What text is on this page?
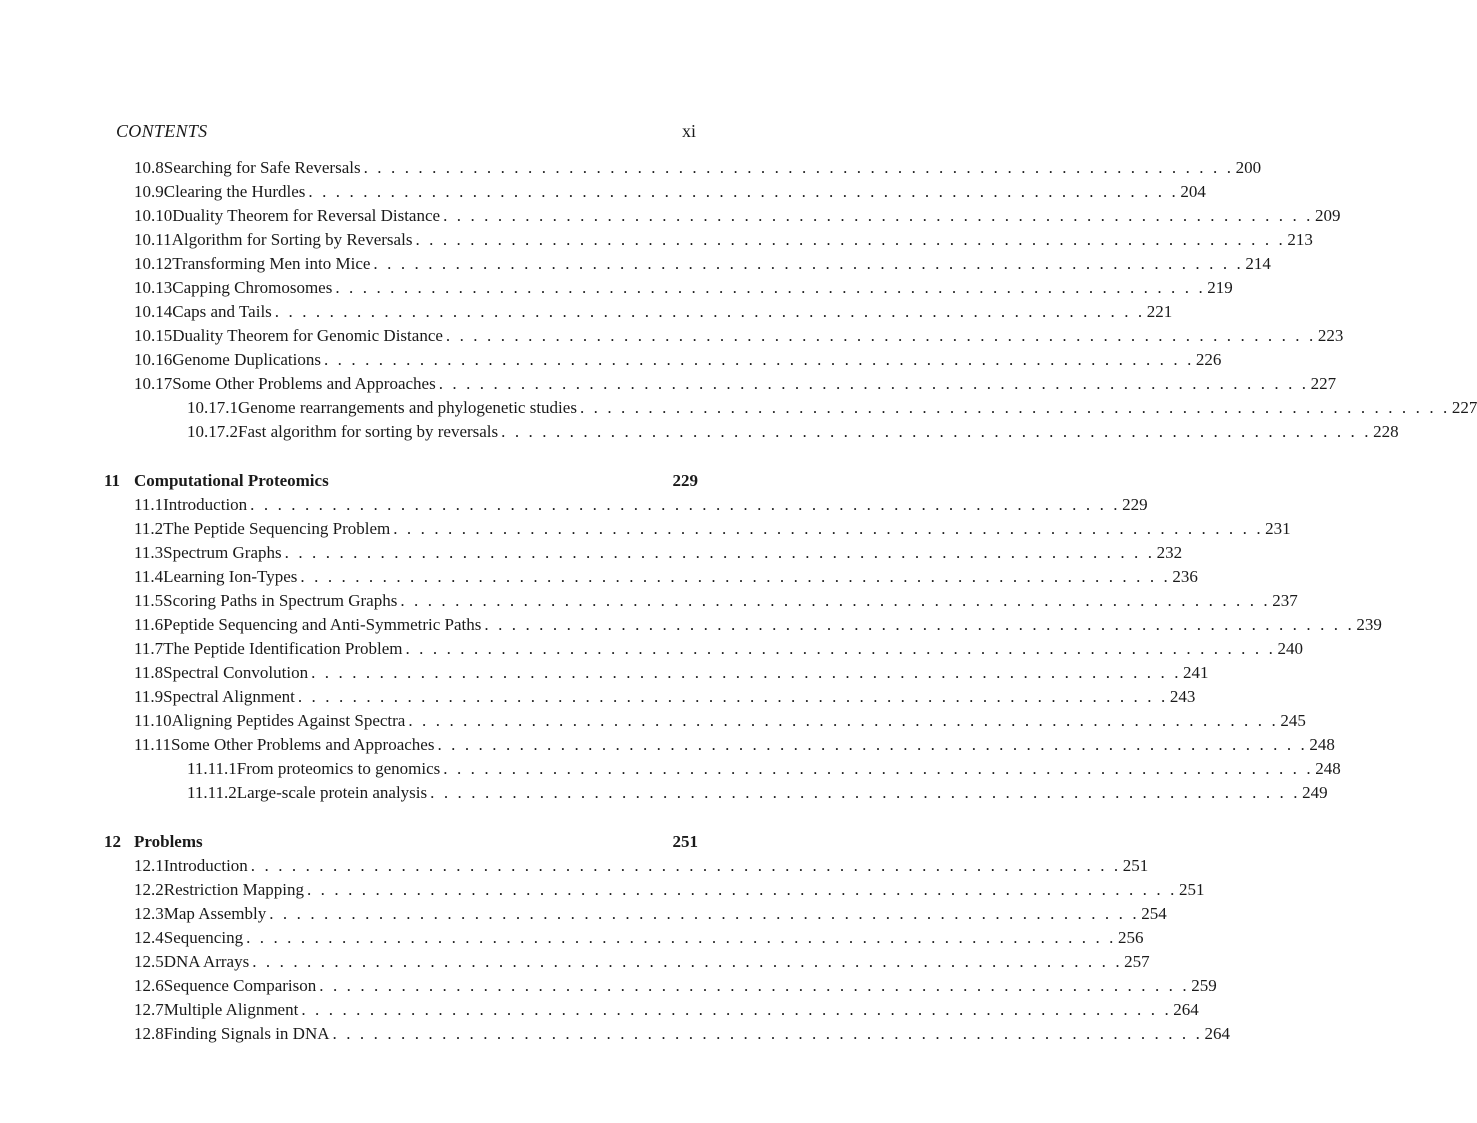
CONTENTS	xi
10.8 Searching for Safe Reversals . . . . . . . . . . . . . . . . . . . . . . . . . . . . . . . . . . . . . . . . . . . . . . . . . . . . . . . . . . . . . . . . 200
10.9 Clearing the Hurdles . . . . . . . . . . . . . . . . . . . . . . . . . . . . . . . . . . . . . . . . . . . . . . . . . . . . . . . . . . . . . . . . 204
10.10 Duality Theorem for Reversal Distance . . . . . . . . . . . . . . . . . . . . . . . . . . . . . . . . . . . . . . . . . . . . . . . . . . . . . . . . . . . . . . . . 209
10.11 Algorithm for Sorting by Reversals . . . . . . . . . . . . . . . . . . . . . . . . . . . . . . . . . . . . . . . . . . . . . . . . . . . . . . . . . . . . . . . . 213
10.12 Transforming Men into Mice . . . . . . . . . . . . . . . . . . . . . . . . . . . . . . . . . . . . . . . . . . . . . . . . . . . . . . . . . . . . . . . . 214
10.13 Capping Chromosomes . . . . . . . . . . . . . . . . . . . . . . . . . . . . . . . . . . . . . . . . . . . . . . . . . . . . . . . . . . . . . . . . 219
10.14 Caps and Tails . . . . . . . . . . . . . . . . . . . . . . . . . . . . . . . . . . . . . . . . . . . . . . . . . . . . . . . . . . . . . . . . 221
10.15 Duality Theorem for Genomic Distance . . . . . . . . . . . . . . . . . . . . . . . . . . . . . . . . . . . . . . . . . . . . . . . . . . . . . . . . . . . . . . . . 223
10.16 Genome Duplications . . . . . . . . . . . . . . . . . . . . . . . . . . . . . . . . . . . . . . . . . . . . . . . . . . . . . . . . . . . . . . . . 226
10.17 Some Other Problems and Approaches . . . . . . . . . . . . . . . . . . . . . . . . . . . . . . . . . . . . . . . . . . . . . . . . . . . . . . . . . . . . . . . . 227
10.17.1 Genome rearrangements and phylogenetic studies . . . . . . . . . . . . . . . . . . . . . . . . . . . . . . . . . . . . . . . . . . . . . . . . . . . . . . . . . . . . . . . . 227
10.17.2 Fast algorithm for sorting by reversals . . . . . . . . . . . . . . . . . . . . . . . . . . . . . . . . . . . . . . . . . . . . . . . . . . . . . . . . . . . . . . . . 228
11 Computational Proteomics	229
11.1 Introduction . . . . . . . . . . . . . . . . . . . . . . . . . . . . . . . . . . . . . . . . . . . . . . . . . . . . . . . . . . . . . . . . 229
11.2 The Peptide Sequencing Problem . . . . . . . . . . . . . . . . . . . . . . . . . . . . . . . . . . . . . . . . . . . . . . . . . . . . . . . . . . . . . . . . 231
11.3 Spectrum Graphs . . . . . . . . . . . . . . . . . . . . . . . . . . . . . . . . . . . . . . . . . . . . . . . . . . . . . . . . . . . . . . . . 232
11.4 Learning Ion-Types . . . . . . . . . . . . . . . . . . . . . . . . . . . . . . . . . . . . . . . . . . . . . . . . . . . . . . . . . . . . . . . . 236
11.5 Scoring Paths in Spectrum Graphs . . . . . . . . . . . . . . . . . . . . . . . . . . . . . . . . . . . . . . . . . . . . . . . . . . . . . . . . . . . . . . . . 237
11.6 Peptide Sequencing and Anti-Symmetric Paths . . . . . . . . . . . . . . . . . . . . . . . . . . . . . . . . . . . . . . . . . . . . . . . . . . . . . . . . . . . . . . . . 239
11.7 The Peptide Identification Problem . . . . . . . . . . . . . . . . . . . . . . . . . . . . . . . . . . . . . . . . . . . . . . . . . . . . . . . . . . . . . . . . 240
11.8 Spectral Convolution . . . . . . . . . . . . . . . . . . . . . . . . . . . . . . . . . . . . . . . . . . . . . . . . . . . . . . . . . . . . . . . . 241
11.9 Spectral Alignment . . . . . . . . . . . . . . . . . . . . . . . . . . . . . . . . . . . . . . . . . . . . . . . . . . . . . . . . . . . . . . . . 243
11.10 Aligning Peptides Against Spectra . . . . . . . . . . . . . . . . . . . . . . . . . . . . . . . . . . . . . . . . . . . . . . . . . . . . . . . . . . . . . . . . 245
11.11 Some Other Problems and Approaches . . . . . . . . . . . . . . . . . . . . . . . . . . . . . . . . . . . . . . . . . . . . . . . . . . . . . . . . . . . . . . . . 248
11.11.1 From proteomics to genomics . . . . . . . . . . . . . . . . . . . . . . . . . . . . . . . . . . . . . . . . . . . . . . . . . . . . . . . . . . . . . . . . 248
11.11.2 Large-scale protein analysis . . . . . . . . . . . . . . . . . . . . . . . . . . . . . . . . . . . . . . . . . . . . . . . . . . . . . . . . . . . . . . . . 249
12 Problems	251
12.1 Introduction . . . . . . . . . . . . . . . . . . . . . . . . . . . . . . . . . . . . . . . . . . . . . . . . . . . . . . . . . . . . . . . . 251
12.2 Restriction Mapping . . . . . . . . . . . . . . . . . . . . . . . . . . . . . . . . . . . . . . . . . . . . . . . . . . . . . . . . . . . . . . . . 251
12.3 Map Assembly . . . . . . . . . . . . . . . . . . . . . . . . . . . . . . . . . . . . . . . . . . . . . . . . . . . . . . . . . . . . . . . . 254
12.4 Sequencing . . . . . . . . . . . . . . . . . . . . . . . . . . . . . . . . . . . . . . . . . . . . . . . . . . . . . . . . . . . . . . . . 256
12.5 DNA Arrays . . . . . . . . . . . . . . . . . . . . . . . . . . . . . . . . . . . . . . . . . . . . . . . . . . . . . . . . . . . . . . . . 257
12.6 Sequence Comparison . . . . . . . . . . . . . . . . . . . . . . . . . . . . . . . . . . . . . . . . . . . . . . . . . . . . . . . . . . . . . . . . 259
12.7 Multiple Alignment . . . . . . . . . . . . . . . . . . . . . . . . . . . . . . . . . . . . . . . . . . . . . . . . . . . . . . . . . . . . . . . . 264
12.8 Finding Signals in DNA . . . . . . . . . . . . . . . . . . . . . . . . . . . . . . . . . . . . . . . . . . . . . . . . . . . . . . . . . . . . . . . . 264
